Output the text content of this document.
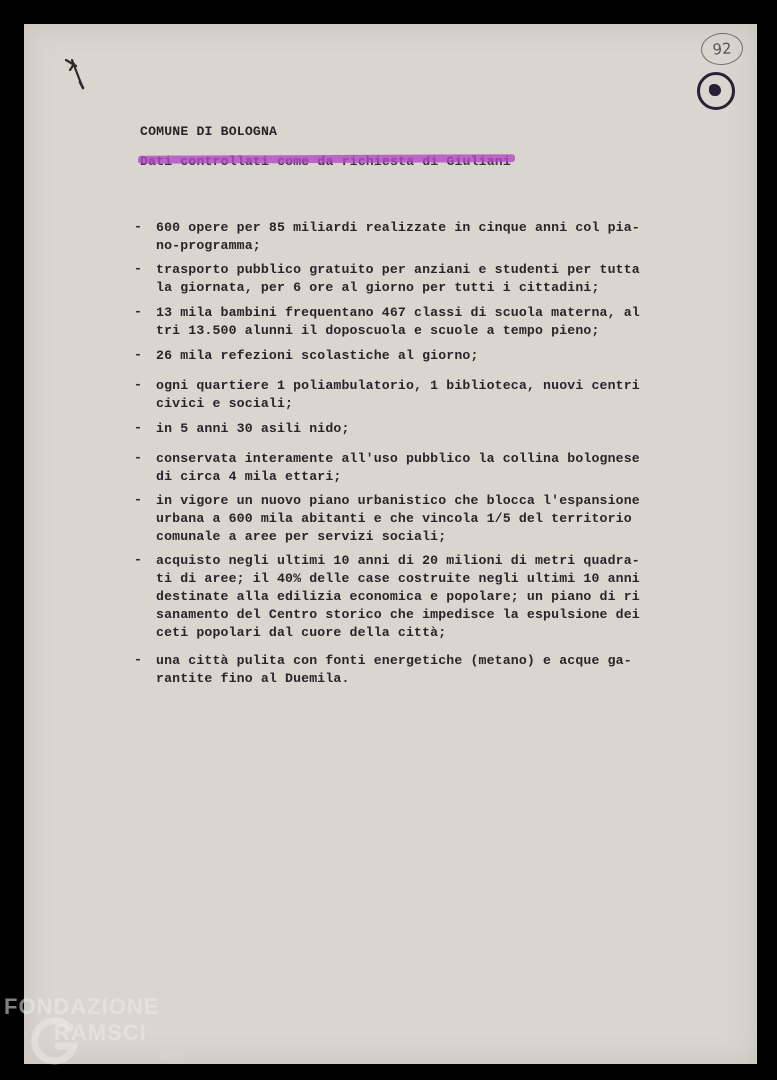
92
COMUNE DI BOLOGNA
- 600 opere per 85 miliardi realizzate in cinque anni col pia-
no-programma;
- trasporto pubblico gratuito per anziani e studenti per tutta
la giornata, per 6 ore al giorno per tutti i cittadini;
- 13 mila bambini frequentano 467 classi di scuola materna, al
tri 13.500 alunni il doposcuola e scuole a tempo pieno;
- 26 mila refezioni scolastiche al giorno;
- ogni quartiere 1 poliambulatorio, 1 biblioteca, nuovi centri
civici e sociali;
- in 5 anni 30 asili nido;
- conservata interamente all'uso pubblico la collina bolognese
di circa 4 mila ettari;
- in vigore un nuovo piano urbanistico che blocca l'espansione
urbana a 600 mila abitanti e che vincola 1/5 del territorio
comunale a aree per servizi sociali;
- acquisto negli ultimi 10 anni di 20 milioni di metri quadra-
ti di aree; il 40% delle case costruite negli ultimi 10 anni
destinate alla edilizia economica e popolare; un piano di ri
sanamento del Centro storico che impedisce la espulsione dei
ceti popolari dal cuore della città;
- una città pulita con fonti energetiche (metano) e acque ga-
rantite fino al Duemila.
FONDAZIONE
RAMSCI
onlus
